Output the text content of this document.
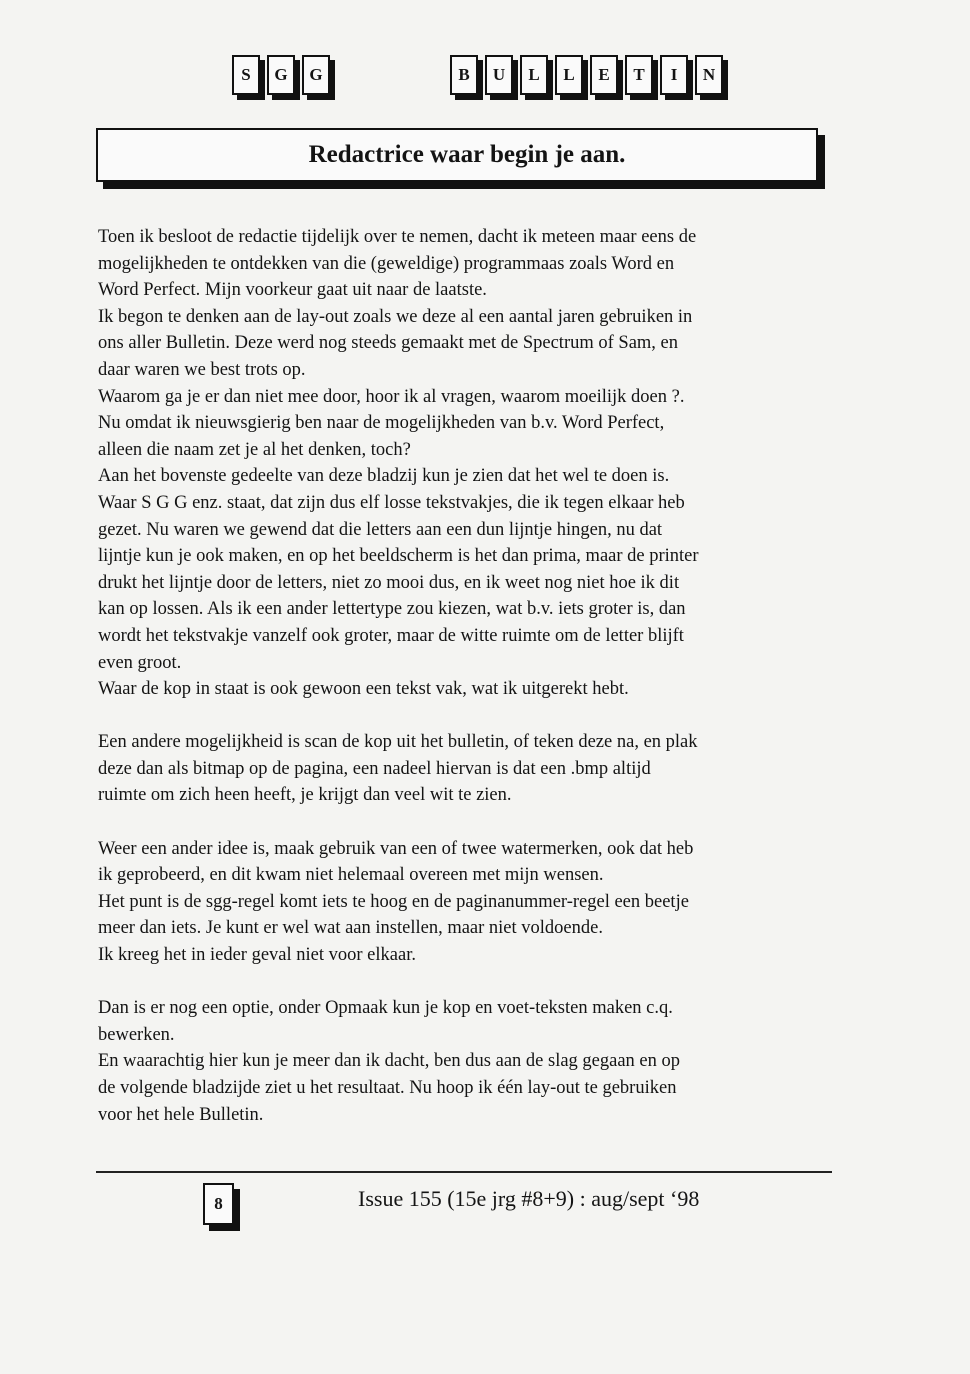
S	G	G	B	U	L	L	E	T	I	N
Redactrice waar begin je aan.

Toen ik besloot de redactie tijdelijk over te nemen, dacht ik meteen maar eens de

mogelijkheden te ontdekken van die (geweldige) programmaas zoals Word en

Word Perfect. Mijn voorkeur gaat uit naar de laatste.

Ik begon te denken aan de lay-out zoals we deze al een aantal jaren gebruiken in

ons aller Bulletin. Deze werd nog steeds gemaakt met de Spectrum of Sam, en

daar waren we best trots op.

Waarom ga je er dan niet mee door, hoor ik al vragen, waarom moeilijk doen ?.

Nu omdat ik nieuwsgierig ben naar de mogelijkheden van b.v. Word Perfect,

alleen die naam zet je al het denken, toch?

Aan het bovenste gedeelte van deze bladzij kun je zien dat het wel te doen is.

Waar S G G enz. staat, dat zijn dus elf losse tekstvakjes, die ik tegen elkaar heb

gezet. Nu waren we gewend dat die letters aan een dun lijntje hingen, nu dat

lijntje kun je ook maken, en op het beeldscherm is het dan prima, maar de printer

drukt het lijntje door de letters, niet zo mooi dus, en ik weet nog niet hoe ik dit

kan op lossen. Als ik een ander lettertype zou kiezen, wat b.v. iets groter is, dan

wordt het tekstvakje vanzelf ook groter, maar de witte ruimte om de letter blijft

even groot.

Waar de kop in staat is ook gewoon een tekst vak, wat ik uitgerekt hebt.

Een andere mogelijkheid is scan de kop uit het bulletin, of teken deze na, en plak

deze dan als bitmap op de pagina, een nadeel hiervan is dat een .bmp altijd

ruimte om zich heen heeft, je krijgt dan veel wit te zien.

Weer een ander idee is, maak gebruik van een of twee watermerken, ook dat heb

ik geprobeerd, en dit kwam niet helemaal overeen met mijn wensen.

Het punt is de sgg-regel komt iets te hoog en de paginanummer-regel een beetje

meer dan iets. Je kunt er wel wat aan instellen, maar niet voldoende.

Ik kreeg het in ieder geval niet voor elkaar.

Dan is er nog een optie, onder Opmaak kun je kop en voet-teksten maken c.q.

bewerken.

En waarachtig hier kun je meer dan ik dacht, ben dus aan de slag gegaan en op

de volgende bladzijde ziet u het resultaat. Nu hoop ik één lay-out te gebruiken

voor het hele Bulletin.

8	Issue 155 (15e jrg #8+9) : aug/sept ‘98
